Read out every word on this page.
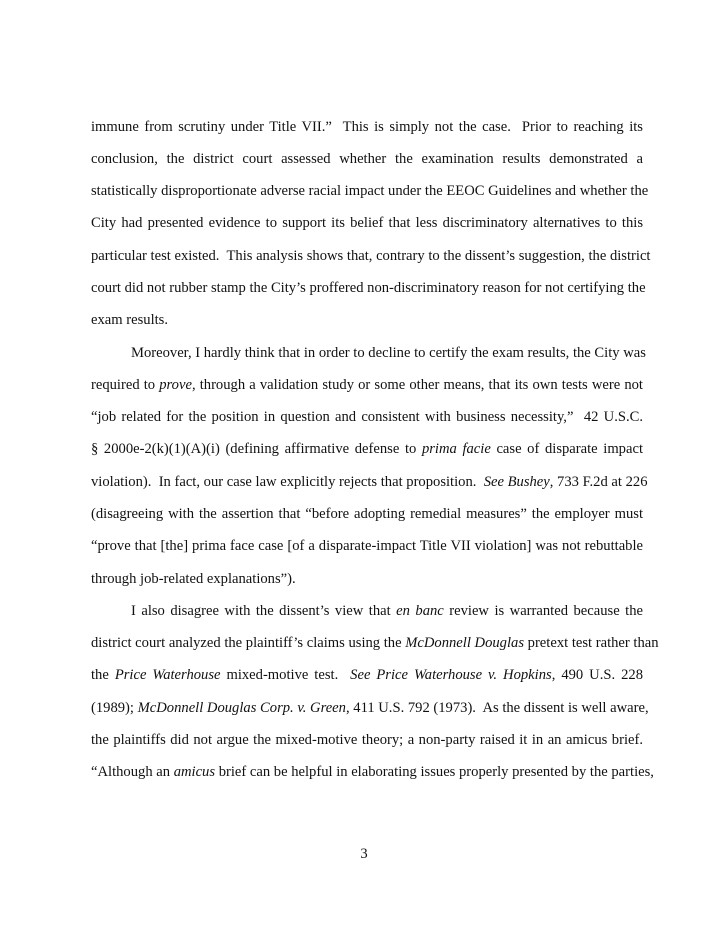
immune from scrutiny under Title VII.”  This is simply not the case.  Prior to reaching its
conclusion, the district court assessed whether the examination results demonstrated a
statistically disproportionate adverse racial impact under the EEOC Guidelines and whether the
City had presented evidence to support its belief that less discriminatory alternatives to this
particular test existed.  This analysis shows that, contrary to the dissent’s suggestion, the district
court did not rubber stamp the City’s proffered non-discriminatory reason for not certifying the
exam results.
Moreover, I hardly think that in order to decline to certify the exam results, the City was
required to prove, through a validation study or some other means, that its own tests were not
“job related for the position in question and consistent with business necessity,”  42 U.S.C.
§ 2000e-2(k)(1)(A)(i) (defining affirmative defense to prima facie case of disparate impact
violation).  In fact, our case law explicitly rejects that proposition.  See Bushey, 733 F.2d at 226
(disagreeing with the assertion that “before adopting remedial measures” the employer must
“prove that [the] prima face case [of a disparate-impact Title VII violation] was not rebuttable
through job-related explanations”).
I also disagree with the dissent’s view that en banc review is warranted because the
district court analyzed the plaintiff’s claims using the McDonnell Douglas pretext test rather than
the Price Waterhouse mixed-motive test.  See Price Waterhouse v. Hopkins, 490 U.S. 228
(1989); McDonnell Douglas Corp. v. Green, 411 U.S. 792 (1973).  As the dissent is well aware,
the plaintiffs did not argue the mixed-motive theory; a non-party raised it in an amicus brief.
“Although an amicus brief can be helpful in elaborating issues properly presented by the parties,
3
